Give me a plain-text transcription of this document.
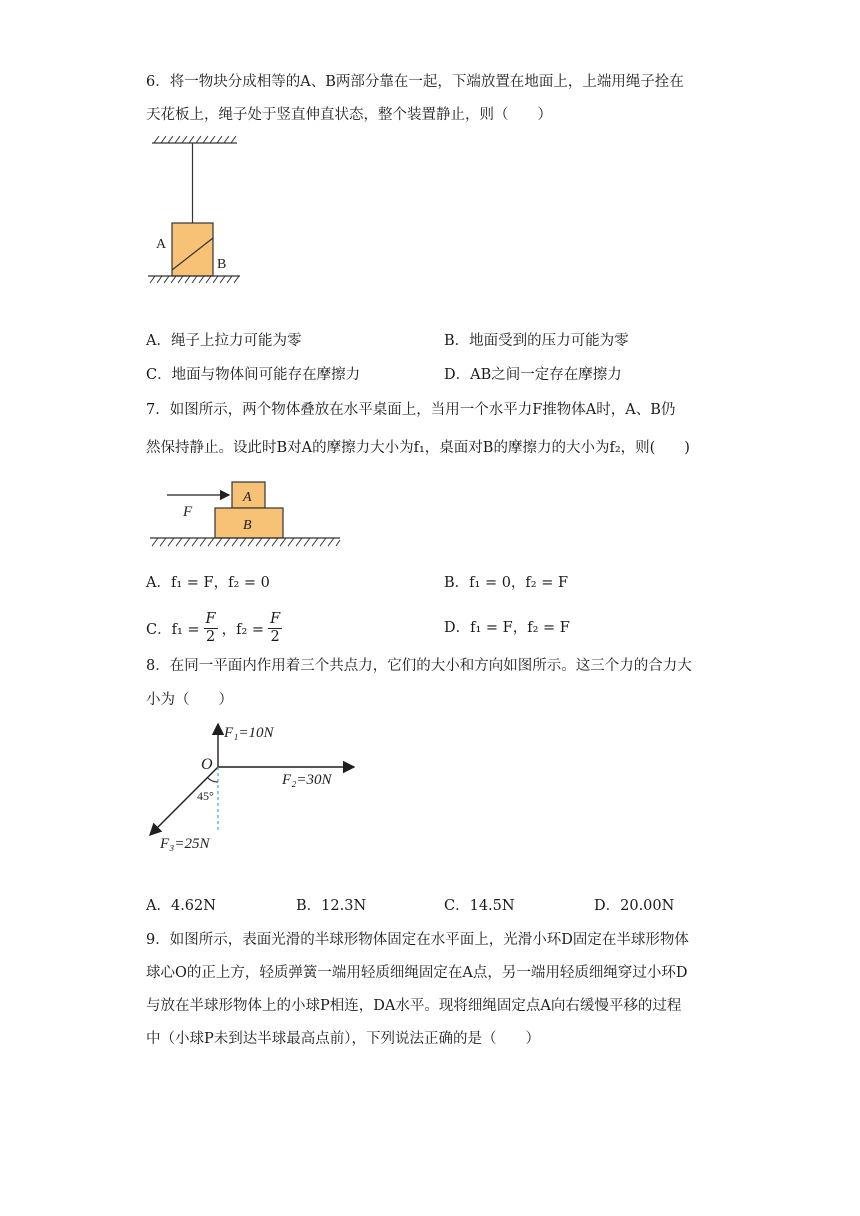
6．将一物块分成相等的A、B两部分靠在一起，下端放置在地面上，上端用绳子拴在
天花板上，绳子处于竖直伸直状态，整个装置静止，则（　　）
A
B
A．绳子上拉力可能为零	B．地面受到的压力可能为零
C．地面与物体间可能存在摩擦力	D．AB之间一定存在摩擦力
7．如图所示，两个物体叠放在水平桌面上，当用一个水平力F推物体A时，A、B仍
然保持静止。设此时B对A的摩擦力大小为f₁，桌面对B的摩擦力的大小为f₂，则(　　)
F
A
B
A．f₁ = F，f₂ = 0	B．f₁ = 0，f₂ = F
C．$f_1 = \frac{F}{2}$ ，$f_2 = \frac{F}{2}$	D．f₁ = F，f₂ = F
8．在同一平面内作用着三个共点力，它们的大小和方向如图所示。这三个力的合力大
小为（　　）
F₁=10N
O
F₂=30N
45°
F₃=25N
A．4.62N	B．12.3N	C．14.5N	D．20.00N
9．如图所示，表面光滑的半球形物体固定在水平面上，光滑小环D固定在半球形物体
球心O的正上方，轻质弹簧一端用轻质细绳固定在A点，另一端用轻质细绳穿过小环D
与放在半球形物体上的小球P相连，DA水平。现将细绳固定点A向右缓慢平移的过程
中（小球P未到达半球最高点前），下列说法正确的是（　　）
